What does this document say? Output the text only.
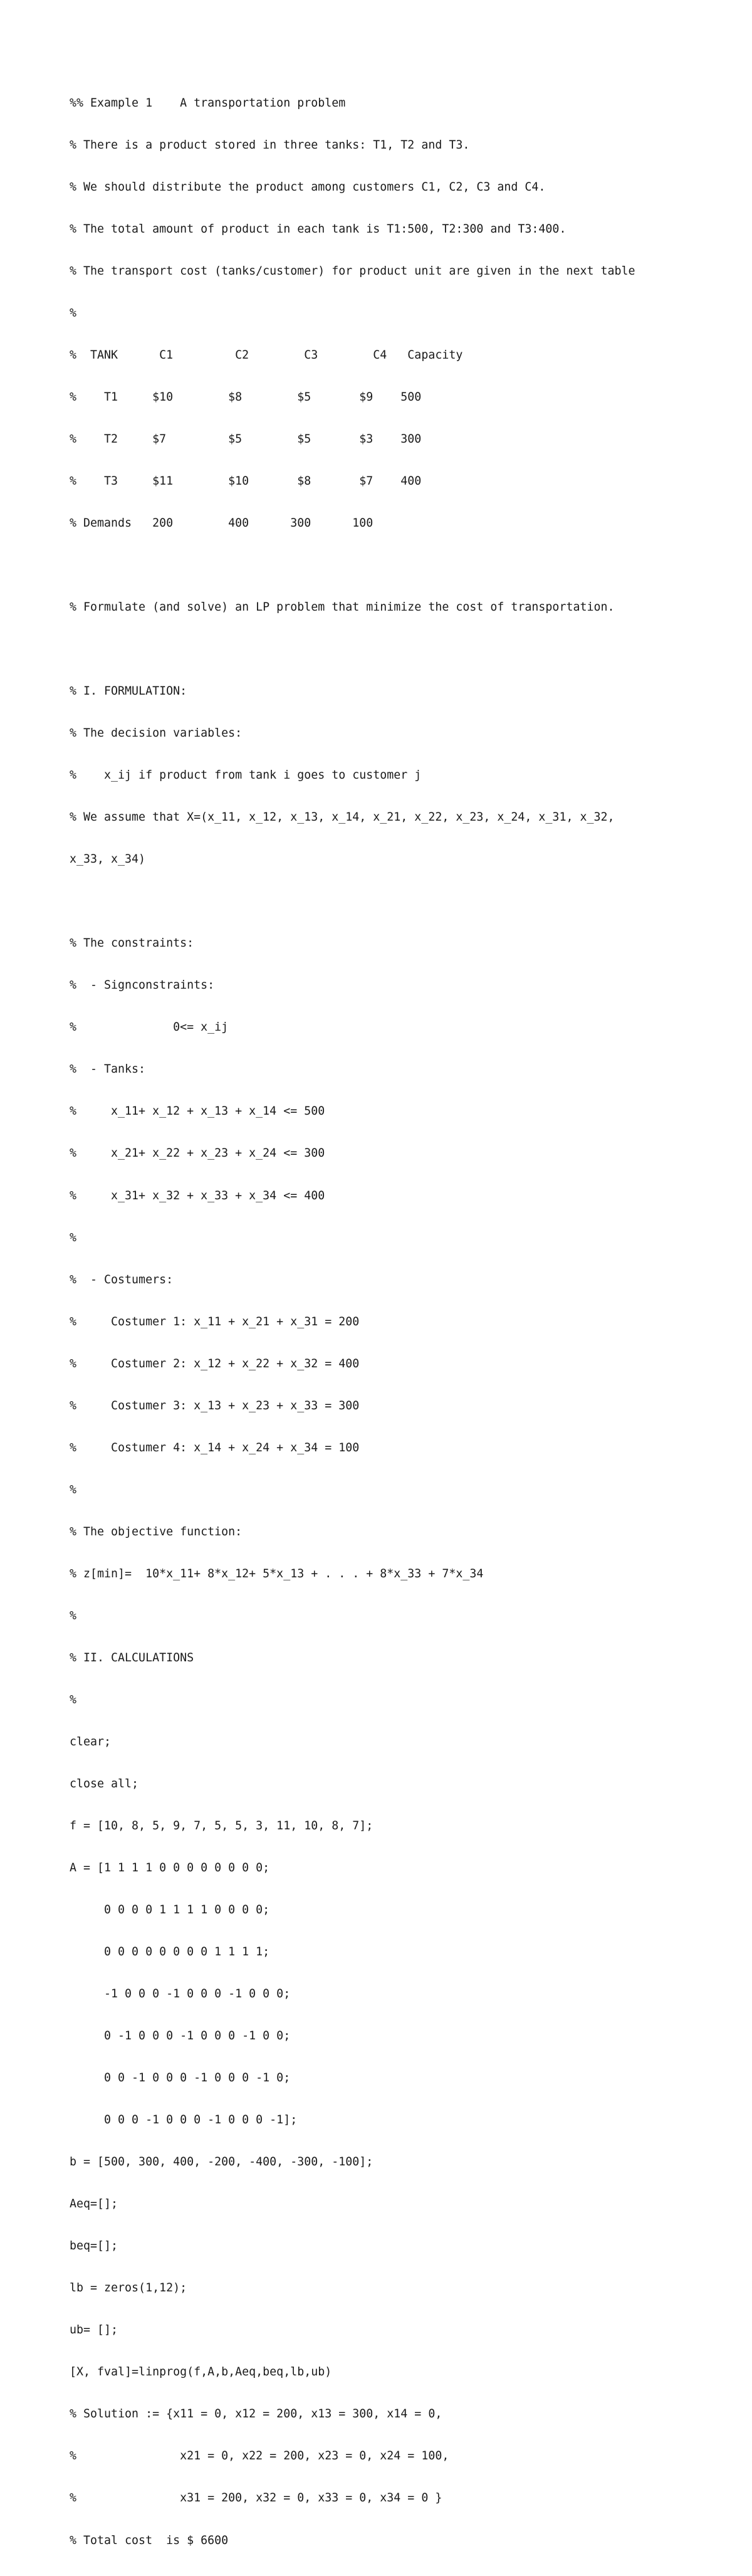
%% Example 1    A transportation problem

% There is a product stored in three tanks: T1, T2 and T3.

% We should distribute the product among customers C1, C2, C3 and C4.

% The total amount of product in each tank is T1:500, T2:300 and T3:400.

% The transport cost (tanks/customer) for product unit are given in the next table

%

%  TANK      C1         C2        C3        C4   Capacity

%    T1     $10        $8        $5       $9    500

%    T2     $7         $5        $5       $3    300

%    T3     $11        $10       $8       $7    400

% Demands   200        400      300      100

% Formulate (and solve) an LP problem that minimize the cost of transportation.

% I. FORMULATION:

% The decision variables:

%    x_ij if product from tank i goes to customer j

% We assume that X=(x_11, x_12, x_13, x_14, x_21, x_22, x_23, x_24, x_31, x_32,

x_33, x_34)

% The constraints:

%  - Signconstraints:

%              0<= x_ij

%  - Tanks:

%     x_11+ x_12 + x_13 + x_14 <= 500

%     x_21+ x_22 + x_23 + x_24 <= 300

%     x_31+ x_32 + x_33 + x_34 <= 400

%

%  - Costumers:

%     Costumer 1: x_11 + x_21 + x_31 = 200

%     Costumer 2: x_12 + x_22 + x_32 = 400

%     Costumer 3: x_13 + x_23 + x_33 = 300

%     Costumer 4: x_14 + x_24 + x_34 = 100

%

% The objective function:

% z[min]=  10*x_11+ 8*x_12+ 5*x_13 + . . . + 8*x_33 + 7*x_34

%

% II. CALCULATIONS

%

clear;

close all;

f = [10, 8, 5, 9, 7, 5, 5, 3, 11, 10, 8, 7];

A = [1 1 1 1 0 0 0 0 0 0 0 0;

0 0 0 0 1 1 1 1 0 0 0 0;

0 0 0 0 0 0 0 0 1 1 1 1;

-1 0 0 0 -1 0 0 0 -1 0 0 0;

0 -1 0 0 0 -1 0 0 0 -1 0 0;

0 0 -1 0 0 0 -1 0 0 0 -1 0;

0 0 0 -1 0 0 0 -1 0 0 0 -1];

b = [500, 300, 400, -200, -400, -300, -100];

Aeq=[];

beq=[];

lb = zeros(1,12);

ub= [];

[X, fval]=linprog(f,A,b,Aeq,beq,lb,ub)

% Solution := {x11 = 0, x12 = 200, x13 = 300, x14 = 0,

%               x21 = 0, x22 = 200, x23 = 0, x24 = 100,

%               x31 = 200, x32 = 0, x33 = 0, x34 = 0 }

% Total cost  is $ 6600
